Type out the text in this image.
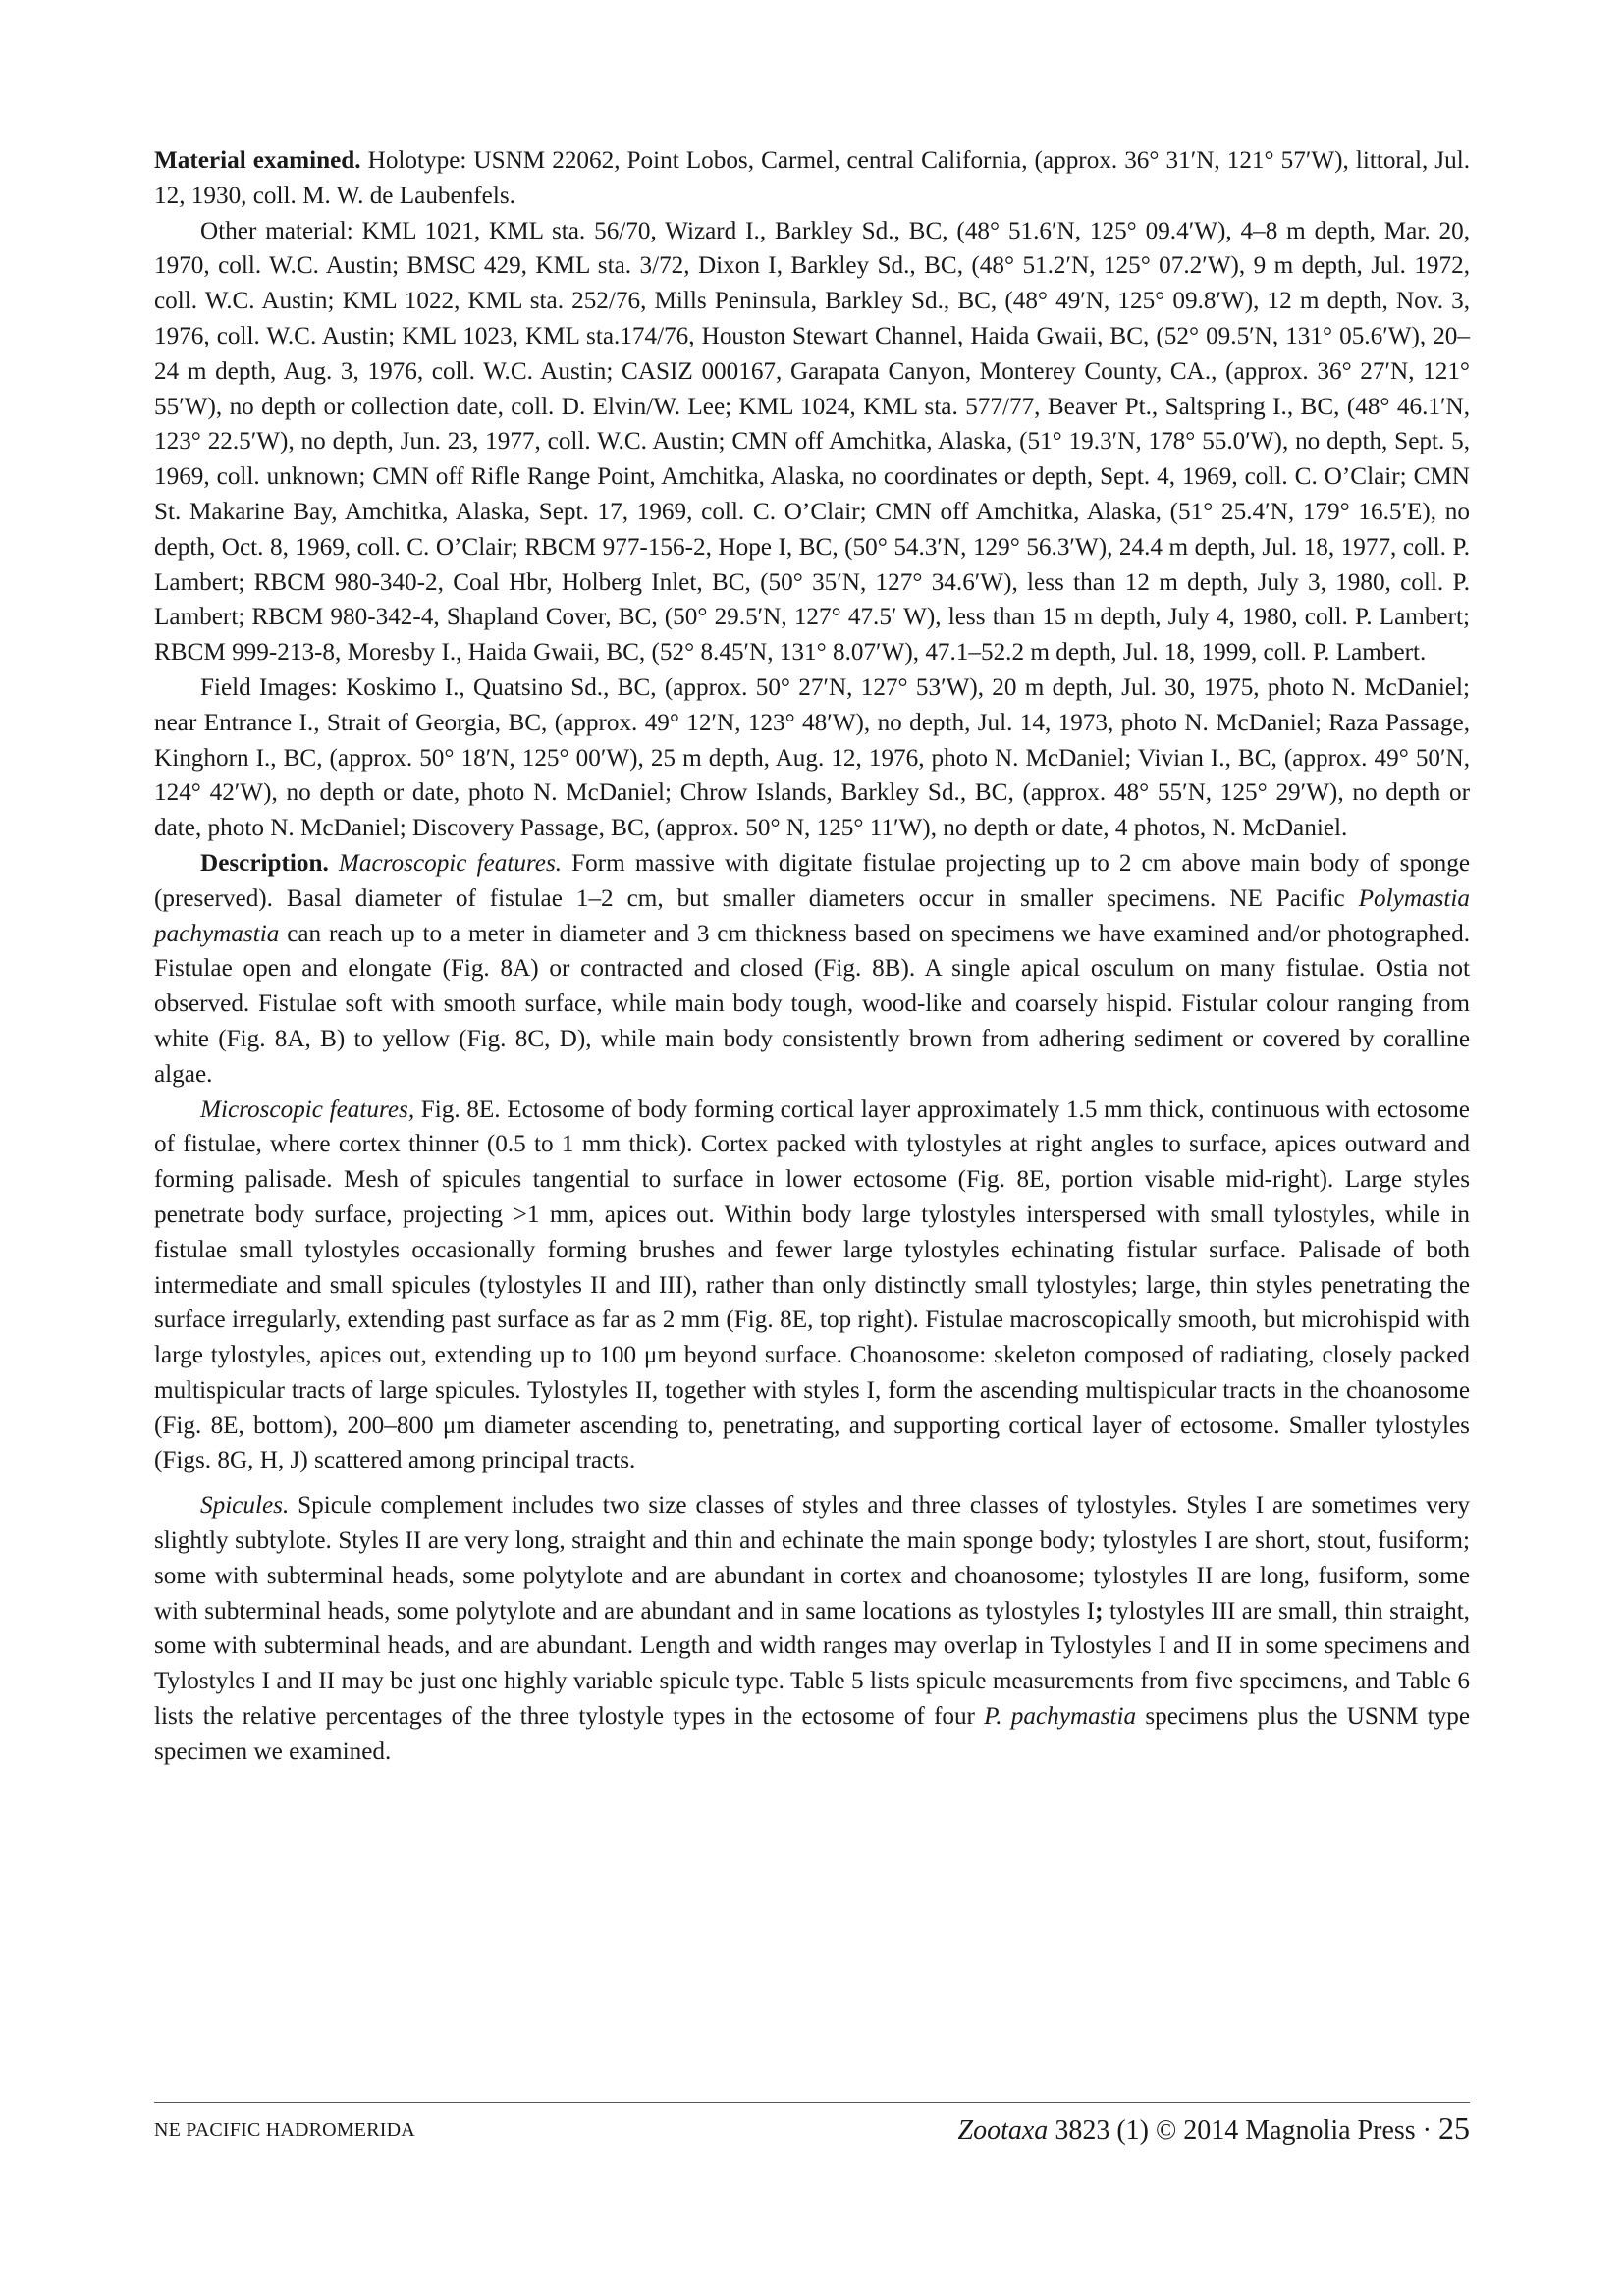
Material examined. Holotype: USNM 22062, Point Lobos, Carmel, central California, (approx. 36° 31′N, 121° 57′W), littoral, Jul. 12, 1930, coll. M. W. de Laubenfels.

Other material: KML 1021, KML sta. 56/70, Wizard I., Barkley Sd., BC, (48° 51.6′N, 125° 09.4′W), 4–8 m depth, Mar. 20, 1970, coll. W.C. Austin; BMSC 429, KML sta. 3/72, Dixon I, Barkley Sd., BC, (48° 51.2′N, 125° 07.2′W), 9 m depth, Jul. 1972, coll. W.C. Austin; KML 1022, KML sta. 252/76, Mills Peninsula, Barkley Sd., BC, (48° 49′N, 125° 09.8′W), 12 m depth, Nov. 3, 1976, coll. W.C. Austin; KML 1023, KML sta.174/76, Houston Stewart Channel, Haida Gwaii, BC, (52° 09.5′N, 131° 05.6′W), 20–24 m depth, Aug. 3, 1976, coll. W.C. Austin; CASIZ 000167, Garapata Canyon, Monterey County, CA., (approx. 36° 27′N, 121° 55′W), no depth or collection date, coll. D. Elvin/W. Lee; KML 1024, KML sta. 577/77, Beaver Pt., Saltspring I., BC, (48° 46.1′N, 123° 22.5′W), no depth, Jun. 23, 1977, coll. W.C. Austin; CMN off Amchitka, Alaska, (51° 19.3′N, 178° 55.0′W), no depth, Sept. 5, 1969, coll. unknown; CMN off Rifle Range Point, Amchitka, Alaska, no coordinates or depth, Sept. 4, 1969, coll. C. O’Clair; CMN St. Makarine Bay, Amchitka, Alaska, Sept. 17, 1969, coll. C. O’Clair; CMN off Amchitka, Alaska, (51° 25.4′N, 179° 16.5′E), no depth, Oct. 8, 1969, coll. C. O’Clair; RBCM 977-156-2, Hope I, BC, (50° 54.3′N, 129° 56.3′W), 24.4 m depth, Jul. 18, 1977, coll. P. Lambert; RBCM 980-340-2, Coal Hbr, Holberg Inlet, BC, (50° 35′N, 127° 34.6′W), less than 12 m depth, July 3, 1980, coll. P. Lambert; RBCM 980-342-4, Shapland Cover, BC, (50° 29.5′N, 127° 47.5′ W), less than 15 m depth, July 4, 1980, coll. P. Lambert; RBCM 999-213-8, Moresby I., Haida Gwaii, BC, (52° 8.45′N, 131° 8.07′W), 47.1–52.2 m depth, Jul. 18, 1999, coll. P. Lambert.

Field Images: Koskimo I., Quatsino Sd., BC, (approx. 50° 27′N, 127° 53′W), 20 m depth, Jul. 30, 1975, photo N. McDaniel; near Entrance I., Strait of Georgia, BC, (approx. 49° 12′N, 123° 48′W), no depth, Jul. 14, 1973, photo N. McDaniel; Raza Passage, Kinghorn I., BC, (approx. 50° 18′N, 125° 00′W), 25 m depth, Aug. 12, 1976, photo N. McDaniel; Vivian I., BC, (approx. 49° 50′N, 124° 42′W), no depth or date, photo N. McDaniel; Chrow Islands, Barkley Sd., BC, (approx. 48° 55′N, 125° 29′W), no depth or date, photo N. McDaniel; Discovery Passage, BC, (approx. 50° N, 125° 11′W), no depth or date, 4 photos, N. McDaniel.

Description. Macroscopic features. Form massive with digitate fistulae projecting up to 2 cm above main body of sponge (preserved). Basal diameter of fistulae 1–2 cm, but smaller diameters occur in smaller specimens. NE Pacific Polymastia pachymastia can reach up to a meter in diameter and 3 cm thickness based on specimens we have examined and/or photographed. Fistulae open and elongate (Fig. 8A) or contracted and closed (Fig. 8B). A single apical osculum on many fistulae. Ostia not observed. Fistulae soft with smooth surface, while main body tough, wood-like and coarsely hispid. Fistular colour ranging from white (Fig. 8A, B) to yellow (Fig. 8C, D), while main body consistently brown from adhering sediment or covered by coralline algae.

Microscopic features, Fig. 8E. Ectosome of body forming cortical layer approximately 1.5 mm thick, continuous with ectosome of fistulae, where cortex thinner (0.5 to 1 mm thick). Cortex packed with tylostyles at right angles to surface, apices outward and forming palisade. Mesh of spicules tangential to surface in lower ectosome (Fig. 8E, portion visable mid-right). Large styles penetrate body surface, projecting >1 mm, apices out. Within body large tylostyles interspersed with small tylostyles, while in fistulae small tylostyles occasionally forming brushes and fewer large tylostyles echinating fistular surface. Palisade of both intermediate and small spicules (tylostyles II and III), rather than only distinctly small tylostyles; large, thin styles penetrating the surface irregularly, extending past surface as far as 2 mm (Fig. 8E, top right). Fistulae macroscopically smooth, but microhispid with large tylostyles, apices out, extending up to 100 μm beyond surface. Choanosome: skeleton composed of radiating, closely packed multispicular tracts of large spicules. Tylostyles II, together with styles I, form the ascending multispicular tracts in the choanosome (Fig. 8E, bottom), 200–800 μm diameter ascending to, penetrating, and supporting cortical layer of ectosome. Smaller tylostyles (Figs. 8G, H, J) scattered among principal tracts.

Spicules. Spicule complement includes two size classes of styles and three classes of tylostyles. Styles I are sometimes very slightly subtylote. Styles II are very long, straight and thin and echinate the main sponge body; tylostyles I are short, stout, fusiform; some with subterminal heads, some polytylote and are abundant in cortex and choanosome; tylostyles II are long, fusiform, some with subterminal heads, some polytylote and are abundant and in same locations as tylostyles I; tylostyles III are small, thin straight, some with subterminal heads, and are abundant. Length and width ranges may overlap in Tylostyles I and II in some specimens and Tylostyles I and II may be just one highly variable spicule type. Table 5 lists spicule measurements from five specimens, and Table 6 lists the relative percentages of the three tylostyle types in the ectosome of four P. pachymastia specimens plus the USNM type specimen we examined.

NE PACIFIC HADROMERIDA	Zootaxa 3823 (1) © 2014 Magnolia Press · 25
